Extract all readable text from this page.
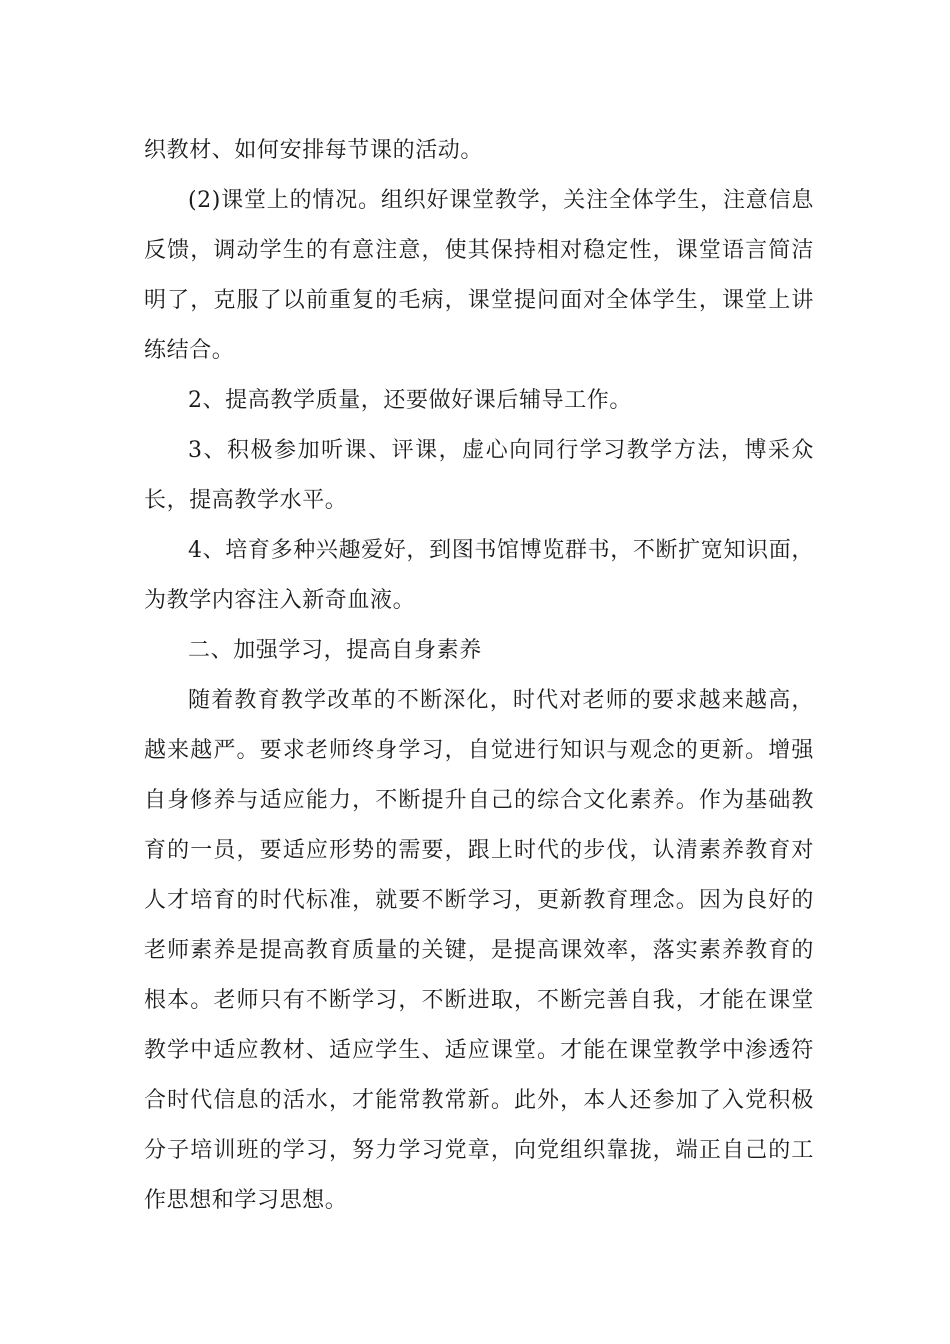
织教材、如何安排每节课的活动。

(2)课堂上的情况。组织好课堂教学，关注全体学生，注意信息反馈，调动学生的有意注意，使其保持相对稳定性，课堂语言简洁明了，克服了以前重复的毛病，课堂提问面对全体学生，课堂上讲练结合。

2、提高教学质量，还要做好课后辅导工作。

3、积极参加听课、评课，虚心向同行学习教学方法，博采众长，提高教学水平。

4、培育多种兴趣爱好，到图书馆博览群书，不断扩宽知识面，为教学内容注入新奇血液。

二、加强学习，提高自身素养

随着教育教学改革的不断深化，时代对老师的要求越来越高，越来越严。要求老师终身学习，自觉进行知识与观念的更新。增强自身修养与适应能力，不断提升自己的综合文化素养。作为基础教育的一员，要适应形势的需要，跟上时代的步伐，认清素养教育对人才培育的时代标准，就要不断学习，更新教育理念。因为良好的老师素养是提高教育质量的关键，是提高课效率，落实素养教育的根本。老师只有不断学习，不断进取，不断完善自我，才能在课堂教学中适应教材、适应学生、适应课堂。才能在课堂教学中渗透符合时代信息的活水，才能常教常新。此外，本人还参加了入党积极分子培训班的学习，努力学习党章，向党组织靠拢，端正自己的工作思想和学习思想。
